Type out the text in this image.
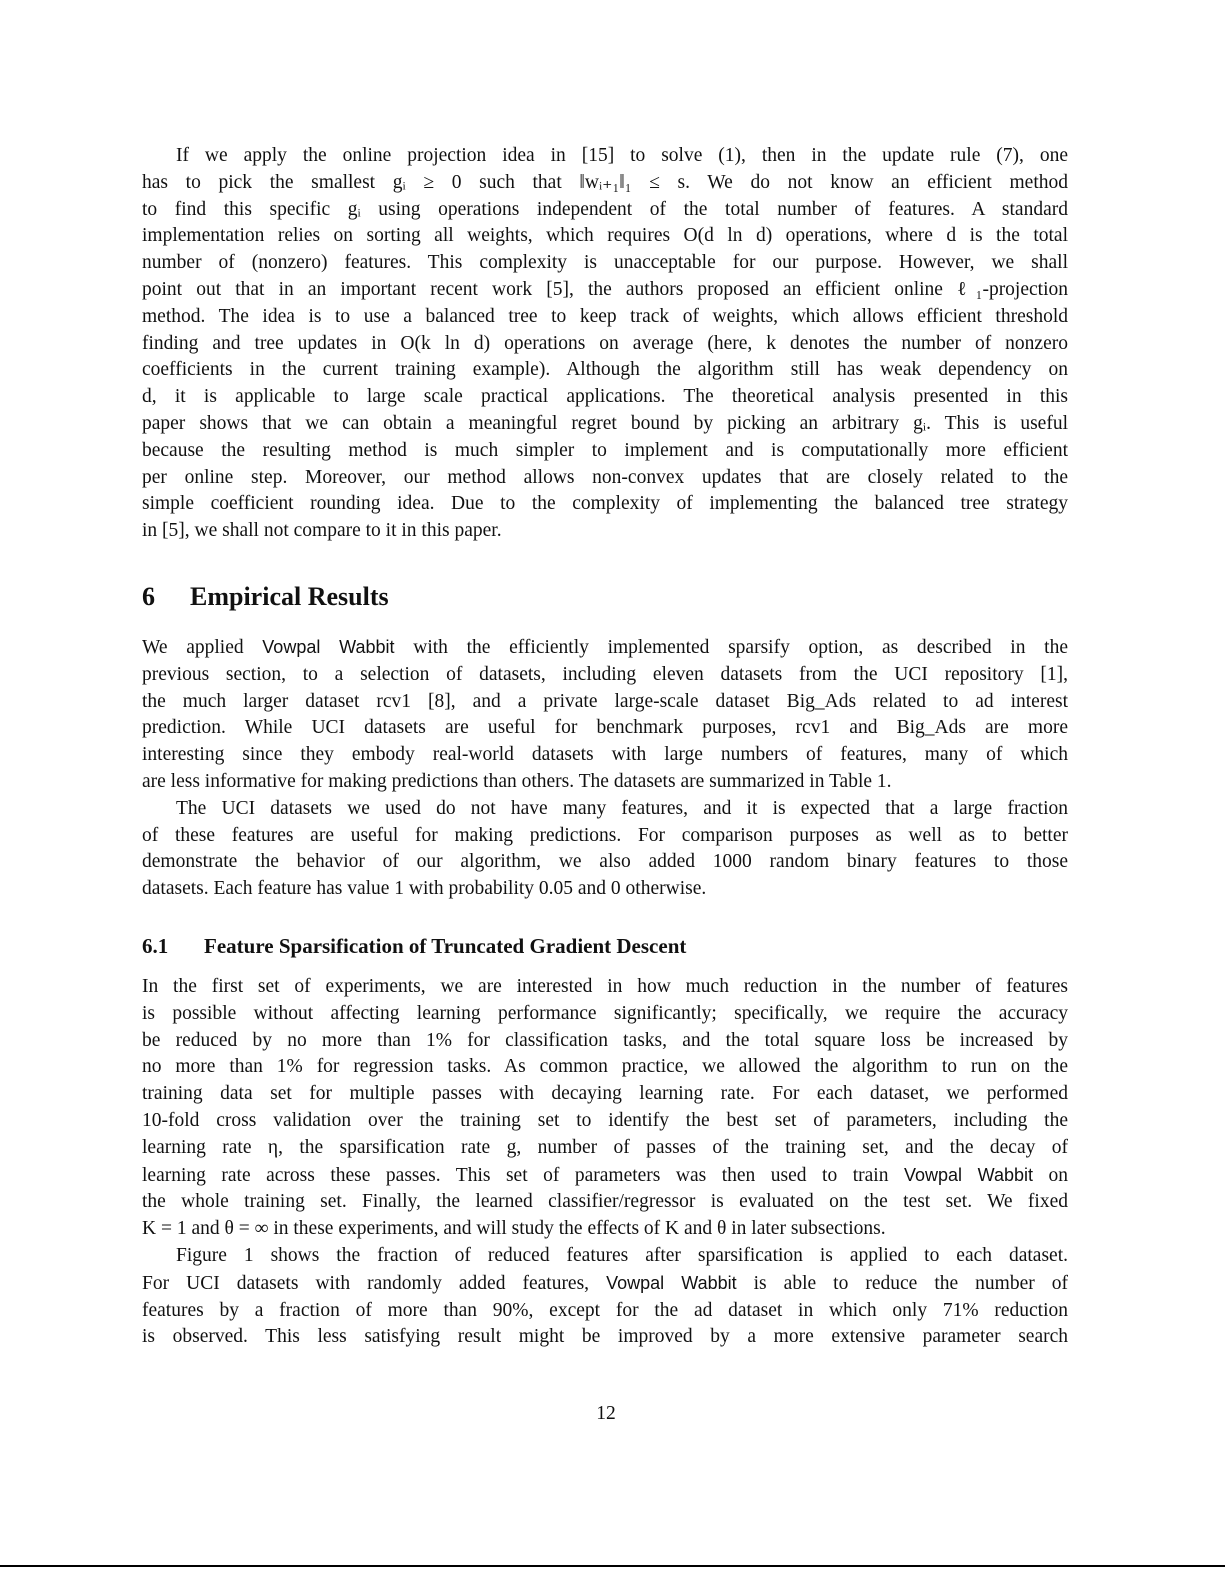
If we apply the online projection idea in [15] to solve (1), then in the update rule (7), one
has to pick the smallest gᵢ ≥ 0 such that ‖wᵢ₊₁‖₁ ≤ s. We do not know an efficient method
to find this specific gᵢ using operations independent of the total number of features. A standard
implementation relies on sorting all weights, which requires O(d ln d) operations, where d is the total
number of (nonzero) features. This complexity is unacceptable for our purpose. However, we shall
point out that in an important recent work [5], the authors proposed an efficient online ℓ₁-projection
method. The idea is to use a balanced tree to keep track of weights, which allows efficient threshold
finding and tree updates in O(k ln d) operations on average (here, k denotes the number of nonzero
coefficients in the current training example). Although the algorithm still has weak dependency on
d, it is applicable to large scale practical applications. The theoretical analysis presented in this
paper shows that we can obtain a meaningful regret bound by picking an arbitrary gᵢ. This is useful
because the resulting method is much simpler to implement and is computationally more efficient
per online step. Moreover, our method allows non-convex updates that are closely related to the
simple coefficient rounding idea. Due to the complexity of implementing the balanced tree strategy
in [5], we shall not compare to it in this paper.
6 Empirical Results
We applied Vowpal Wabbit with the efficiently implemented sparsify option, as described in the
previous section, to a selection of datasets, including eleven datasets from the UCI repository [1],
the much larger dataset rcv1 [8], and a private large-scale dataset Big_Ads related to ad interest
prediction. While UCI datasets are useful for benchmark purposes, rcv1 and Big_Ads are more
interesting since they embody real-world datasets with large numbers of features, many of which
are less informative for making predictions than others. The datasets are summarized in Table 1.
The UCI datasets we used do not have many features, and it is expected that a large fraction
of these features are useful for making predictions. For comparison purposes as well as to better
demonstrate the behavior of our algorithm, we also added 1000 random binary features to those
datasets. Each feature has value 1 with probability 0.05 and 0 otherwise.
6.1 Feature Sparsification of Truncated Gradient Descent
In the first set of experiments, we are interested in how much reduction in the number of features
is possible without affecting learning performance significantly; specifically, we require the accuracy
be reduced by no more than 1% for classification tasks, and the total square loss be increased by
no more than 1% for regression tasks. As common practice, we allowed the algorithm to run on the
training data set for multiple passes with decaying learning rate. For each dataset, we performed
10-fold cross validation over the training set to identify the best set of parameters, including the
learning rate η, the sparsification rate g, number of passes of the training set, and the decay of
learning rate across these passes. This set of parameters was then used to train Vowpal Wabbit on
the whole training set. Finally, the learned classifier/regressor is evaluated on the test set. We fixed
K = 1 and θ = ∞ in these experiments, and will study the effects of K and θ in later subsections.
Figure 1 shows the fraction of reduced features after sparsification is applied to each dataset.
For UCI datasets with randomly added features, Vowpal Wabbit is able to reduce the number of
features by a fraction of more than 90%, except for the ad dataset in which only 71% reduction
is observed. This less satisfying result might be improved by a more extensive parameter search
12
